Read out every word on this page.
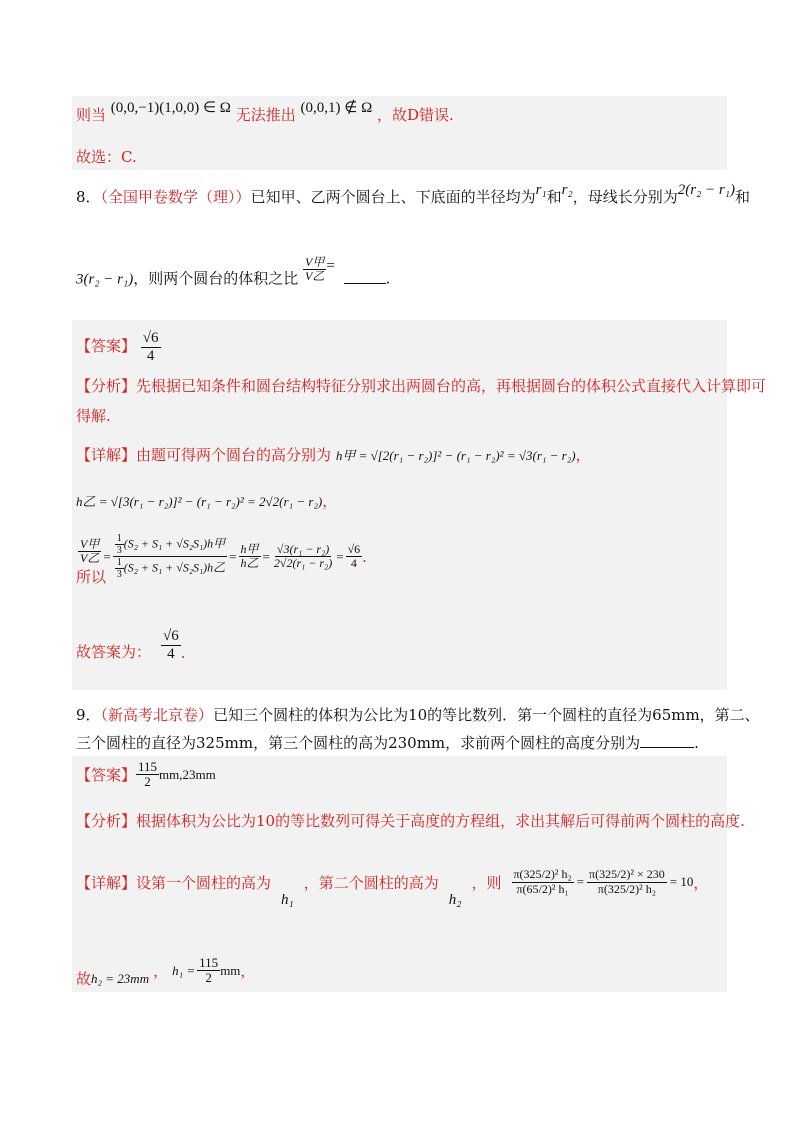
则当 (0,0,−1)(1,0,0) ∈ Ω 无法推出 (0,0,1) ∉ Ω ，故D错误.
故选：C.
8．（全国甲卷数学（理））已知甲、乙两个圆台上、下底面的半径均为r₁和r₂，母线长分别为2(r₂ − r₁)和
3(r₂ − r₁)，则两个圆台的体积之比 $\frac{\text{V甲}}{\text{V乙}}$ = .
【答案】 $\frac{√6}{4}$
【分析】先根据已知条件和圆台结构特征分别求出两圆台的高，再根据圆台的体积公式直接代入计算即可
得解.
【详解】由题可得两个圆台的高分别为 h甲 = √[2(r₁ − r₂)]² − (r₁ − r₂)² = √3(r₁ − r₂)，
h乙 = √[3(r₁ − r₂)]² − (r₁ − r₂)² = 2√2(r₁ − r₂)，
所以
$\frac{\text{V甲}}{\text{V乙}} = \frac{\frac{1}{3} (S_2 + S_1 + √S_2S_1)h甲}{\frac{1}{3} (S_2 + S_1 + √S_2S_1)h乙} = \frac{\text{h甲}}{\text{h乙}} = \frac{\text{√3(r₁ − r₂)}}{\text{2√2(r₁ − r₂)}} = \frac{√6}{4}$ .
故答案为： $\frac{√6}{4}$ .
9．（新高考北京卷）已知三个圆柱的体积为公比为10的等比数列．第一个圆柱的直径为65mm，第二、
三个圆柱的直径为325mm，第三个圆柱的高为230mm，求前两个圆柱的高度分别为	.
【答案】 $\frac{115}{2} mm,23mm$
【分析】根据体积为公比为10的等比数列可得关于高度的方程组，求出其解后可得前两个圆柱的高度.
【详解】 设第一个圆柱的高为
h₁
，第二个圆柱的高为
h₂
，则 $\frac{\text{π(325/2)² h₂}}{\text{π(65/2)² h₁}} = \frac{\text{π(325/2)² × 230}}{\text{π(325/2)² h₂}} = 10$ ，
故 h₂ = 23mm ， $h_1 = \frac{115}{2}$ mm ，
